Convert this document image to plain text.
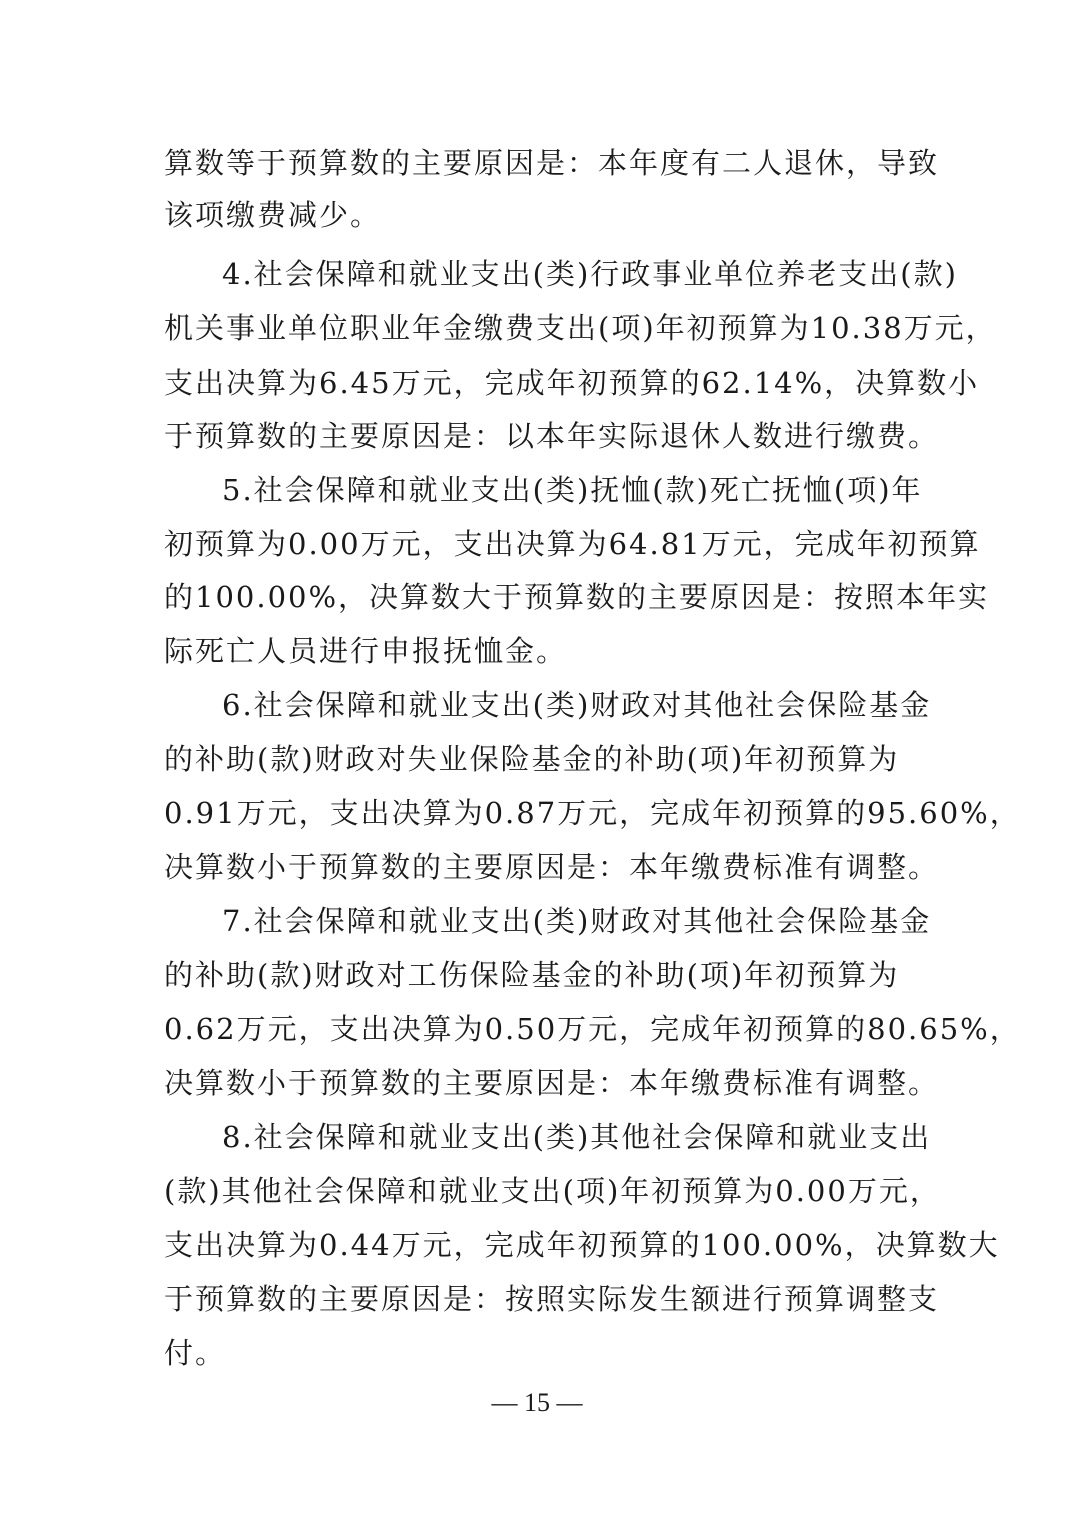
算数等于预算数的主要原因是：本年度有二人退休，导致
该项缴费减少。
4.社会保障和就业支出(类)行政事业单位养老支出(款)
机关事业单位职业年金缴费支出(项)年初预算为10.38万元，
支出决算为6.45万元，完成年初预算的62.14%，决算数小
于预算数的主要原因是：以本年实际退休人数进行缴费。
5.社会保障和就业支出(类)抚恤(款)死亡抚恤(项)年
初预算为0.00万元，支出决算为64.81万元，完成年初预算
的100.00%，决算数大于预算数的主要原因是：按照本年实
际死亡人员进行申报抚恤金。
6.社会保障和就业支出(类)财政对其他社会保险基金
的补助(款)财政对失业保险基金的补助(项)年初预算为
0.91万元，支出决算为0.87万元，完成年初预算的95.60%，
决算数小于预算数的主要原因是：本年缴费标准有调整。
7.社会保障和就业支出(类)财政对其他社会保险基金
的补助(款)财政对工伤保险基金的补助(项)年初预算为
0.62万元，支出决算为0.50万元，完成年初预算的80.65%，
决算数小于预算数的主要原因是：本年缴费标准有调整。
8.社会保障和就业支出(类)其他社会保障和就业支出
(款)其他社会保障和就业支出(项)年初预算为0.00万元，
支出决算为0.44万元，完成年初预算的100.00%，决算数大
于预算数的主要原因是：按照实际发生额进行预算调整支
付。
— 15 —
